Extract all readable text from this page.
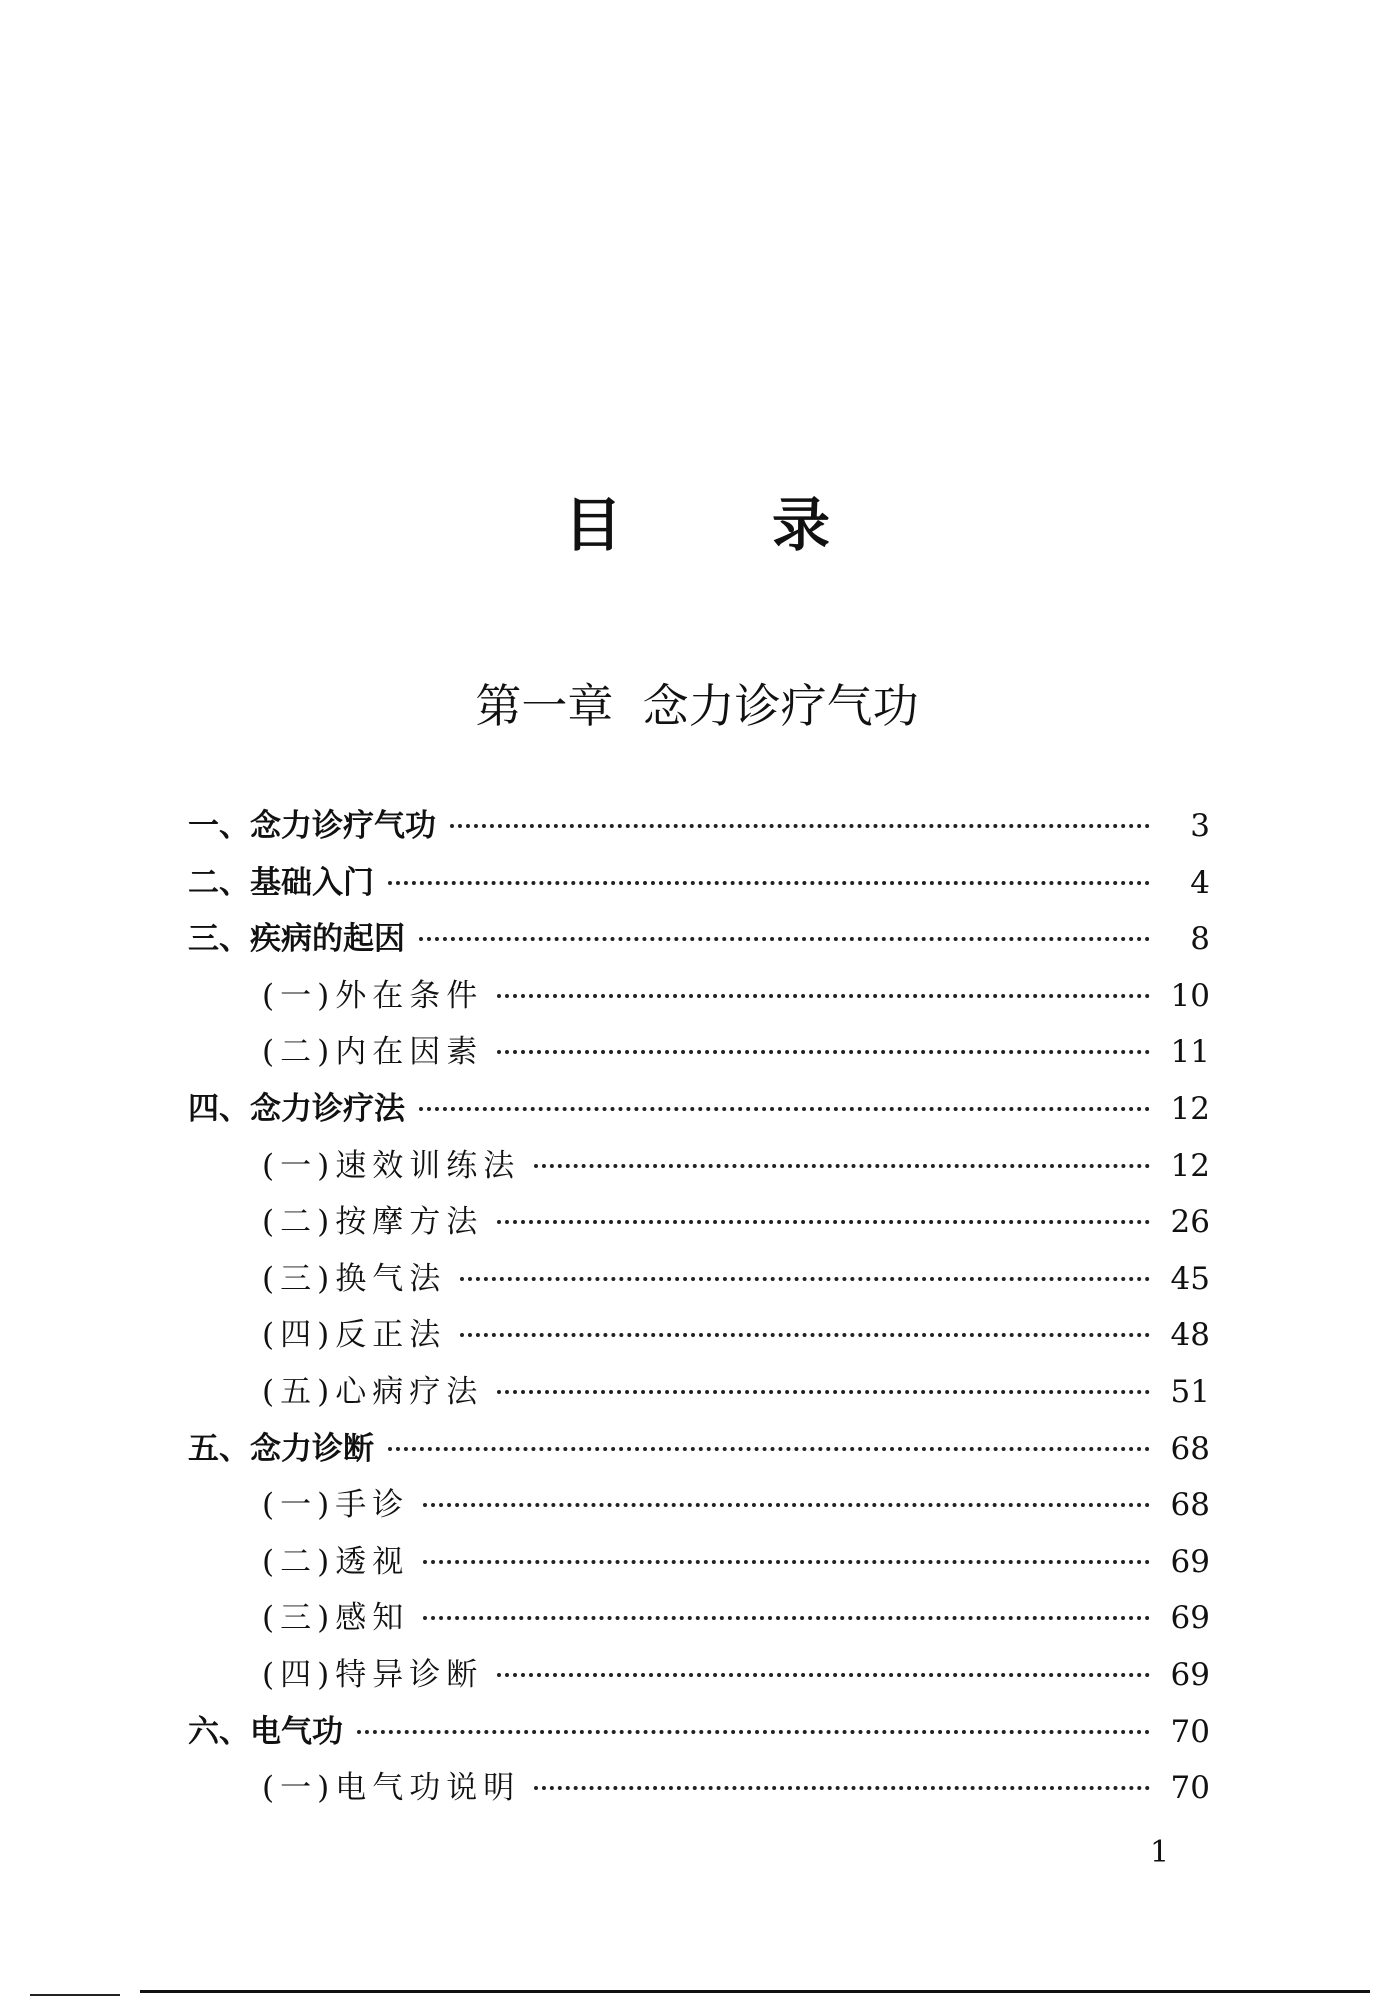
目录
第一章  念力诊疗气功
一、念力诊疗气功	3
二、基础入门	4
三、疾病的起因	8
(一)外在条件	10
(二)内在因素	11
四、念力诊疗法	12
(一)速效训练法	12
(二)按摩方法	26
(三)换气法	45
(四)反正法	48
(五)心病疗法	51
五、念力诊断	68
(一)手诊	68
(二)透视	69
(三)感知	69
(四)特异诊断	69
六、电气功	70
(一)电气功说明	70
1
